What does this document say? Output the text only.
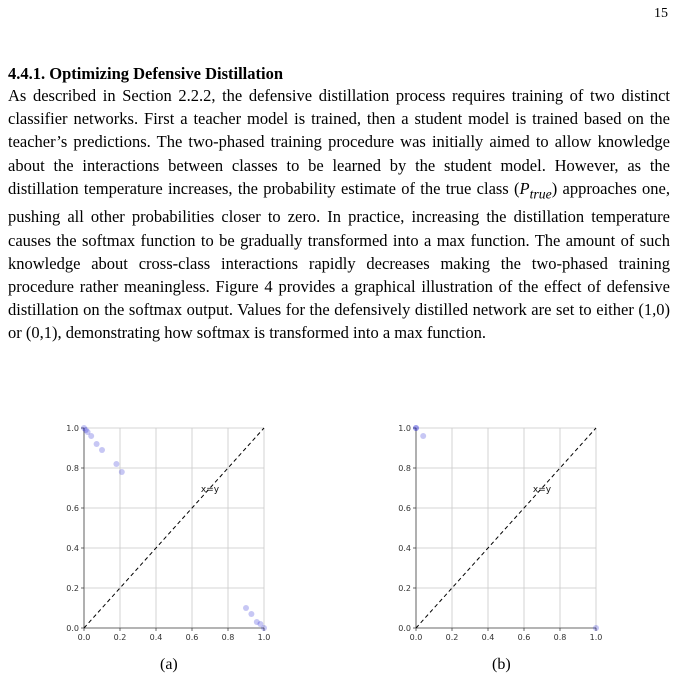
15
4.4.1. Optimizing Defensive Distillation

As described in Section 2.2.2, the defensive distillation process requires training of two distinct classifier networks. First a teacher model is trained, then a student model is trained based on the teacher’s predictions. The two-phased training procedure was initially aimed to allow knowledge about the interactions between classes to be learned by the student model. However, as the distillation temperature increases, the probability estimate of the true class $(P_{true})$ approaches one, pushing all other probabilities closer to zero. In practice, increasing the distillation temperature causes the softmax function to be gradually transformed into a max function. The amount of such knowledge about cross-class interactions rapidly decreases making the two-phased training procedure rather meaningless. Figure 4 provides a graphical illustration of the effect of defensive distillation on the softmax output. Values for the defensively distilled network are set to either (1,0) or (0,1), demonstrating how softmax is transformed into a max function.

0.0	0.2	0.4	0.6	0.8	1.0
0.0
0.2
0.4
0.6
0.8
1.0
x=y
(a)
0.0	0.2	0.4	0.6	0.8	1.0
0.0
0.2
0.4
0.6
0.8
1.0
x=y
(b)
